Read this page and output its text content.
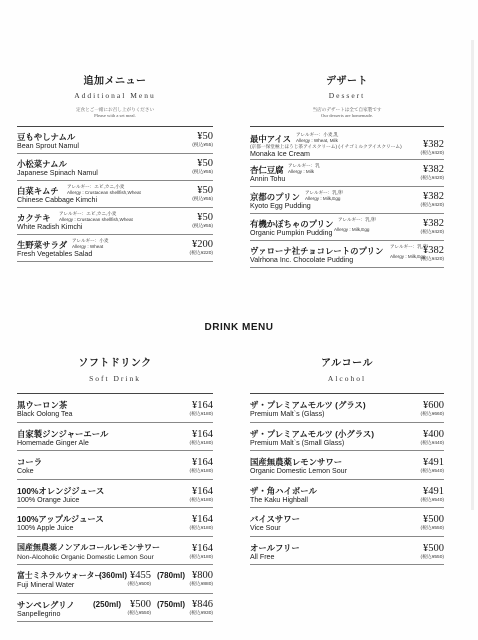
追加メニュー
Additional Menu
定食とご一緒にお召し上がりください
Please with a set meal.
豆もやしナムル
Bean Sprout Namul
¥50
(税込¥55)
小松菜ナムル
Japanese Spinach Namul
¥50
(税込¥55)
白菜キムチ アレルギー：エビ,カニ,小麦
Allergy : Crustacean shellfish,Wheat
Chinese Cabbage Kimchi
¥50
(税込¥55)
カクテキ アレルギー：エビ,カニ,小麦
Allergy : Crustacean shellfish,Wheat
White Radish Kimchi
¥50
(税込¥55)
生野菜サラダ アレルギー：小麦
Allergy : Wheat
Fresh Vegetables Salad
¥200
(税込¥220)
デザート
Dessert
当店のデザートは全て自家製です
Our desserts are homemade.
最中アイス アレルギー：小麦,乳
Allergy : Wheat, Milk
(京都一保堂極上ほうじ茶アイスクリーム) (イチゴミルクアイスクリーム)
Monaka Ice Cream
¥382
(税込¥420)
杏仁豆腐 アレルギー：乳
Allergy : Milk
Annin Tohu
¥382
(税込¥420)
京都のプリン アレルギー：乳,卵
Allergy : Milk,Egg
Kyoto Egg Pudding
¥382
(税込¥420)
有機かぼちゃのプリン アレルギー：乳,卵
Allergy : Milk,Egg
Organic Pumpkin Pudding
¥382
(税込¥420)
ヴァローナ社チョコレートのプリン アレルギー：乳,卵
Allergy : Milk,Egg
Valrhona Inc. Chocolate Pudding
¥382
(税込¥420)
DRINK MENU
ソフトドリンク
Soft Drink
黒ウーロン茶
Black Oolong Tea
¥164
(税込¥180)
自家製ジンジャーエール
Homemade Ginger Ale
¥164
(税込¥180)
コーラ
Coke
¥164
(税込¥180)
100%オレンジジュース
100% Orange Juice
¥164
(税込¥180)
100%アップルジュース
100% Apple Juice
¥164
(税込¥180)
国産無農薬ノンアルコールレモンサワー
Non-Alcoholic Organic Domestic Lemon Sour
¥164
(税込¥180)
富士ミネラルウォーター
Fuji Mineral Water
(360ml) ¥455
(税込¥500)
(780ml) ¥800
(税込¥880)
サンペレグリノ
Sanpellegrino
(250ml) ¥500
(税込¥550)
(750ml) ¥846
(税込¥930)
アルコール
Alcohol
ザ・プレミアムモルツ (グラス)
Premium Malt`s (Glass)
¥600
(税込¥660)
ザ・プレミアムモルツ (小グラス)
Premium Malt`s (Small Glass)
¥400
(税込¥440)
国産無農薬レモンサワー
Organic Domestic Lemon Sour
¥491
(税込¥540)
ザ・角ハイボール
The Kaku Highball
¥491
(税込¥540)
バイスサワー
Vice Sour
¥500
(税込¥550)
オールフリー
All Free
¥500
(税込¥550)
